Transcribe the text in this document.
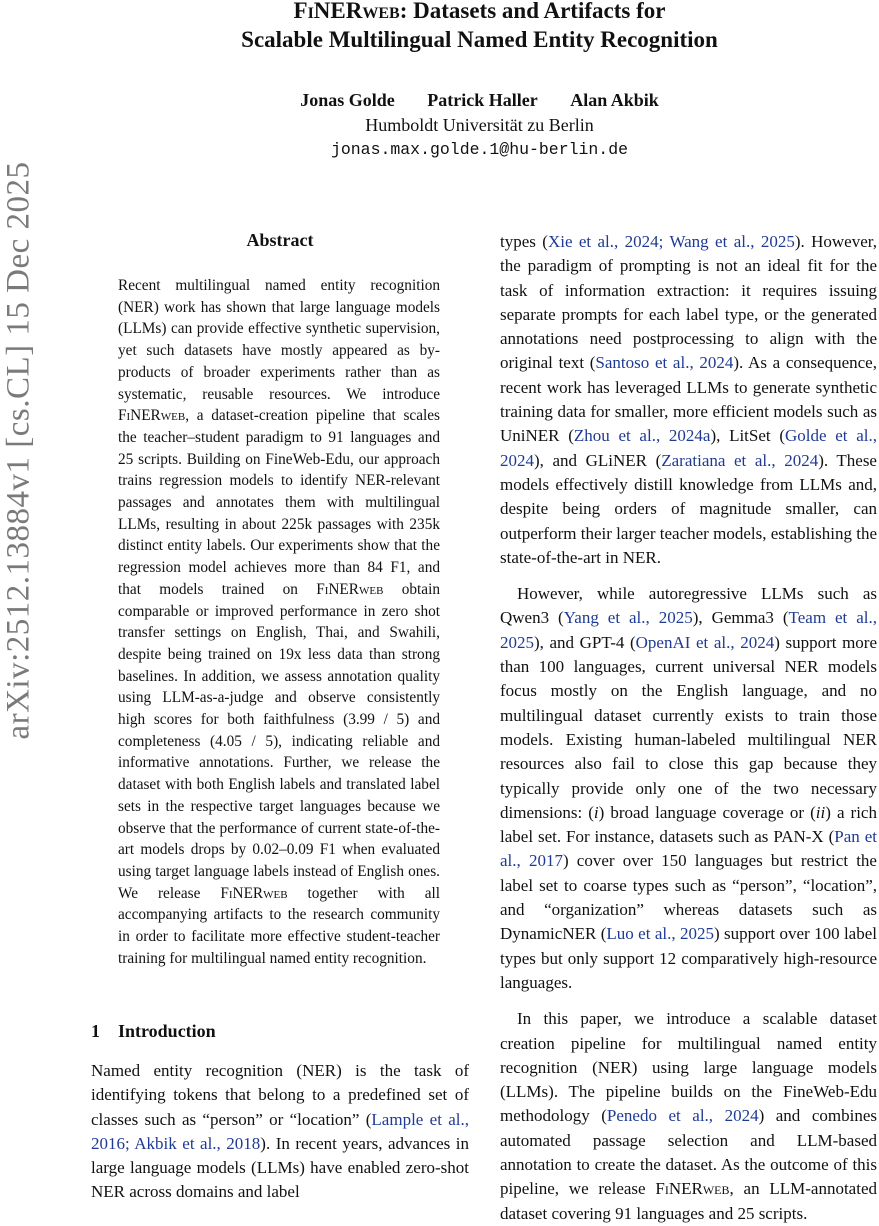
arXiv:2512.13884v1 [cs.CL] 15 Dec 2025
FiNERweb: Datasets and Artifacts for
Scalable Multilingual Named Entity Recognition
Jonas Golde Patrick Haller Alan Akbik
Humboldt Universität zu Berlin
jonas.max.golde.1@hu-berlin.de
Abstract
Recent multilingual named entity recognition (NER) work has shown that large language models (LLMs) can provide effective synthetic supervision, yet such datasets have mostly appeared as by-products of broader experiments rather than as systematic, reusable resources. We introduce FiNERweb, a dataset-creation pipeline that scales the teacher–student paradigm to 91 languages and 25 scripts. Building on FineWeb-Edu, our approach trains regression models to identify NER-relevant passages and annotates them with multilingual LLMs, resulting in about 225k passages with 235k distinct entity labels. Our experiments show that the regression model achieves more than 84 F1, and that models trained on FiNERweb obtain comparable or improved performance in zero shot transfer settings on English, Thai, and Swahili, despite being trained on 19x less data than strong baselines. In addition, we assess annotation quality using LLM-as-a-judge and observe consistently high scores for both faithfulness (3.99 / 5) and completeness (4.05 / 5), indicating reliable and informative annotations. Further, we release the dataset with both English labels and translated label sets in the respective target languages because we observe that the performance of current state-of-the-art models drops by 0.02–0.09 F1 when evaluated using target language labels instead of English ones. We release FiNERweb together with all accompanying artifacts to the research community in order to facilitate more effective student-teacher training for multilingual named entity recognition.
1 Introduction

Named entity recognition (NER) is the task of identifying tokens that belong to a predefined set of classes such as “person” or “location” (Lample et al., 2016; Akbik et al., 2018). In recent years, advances in large language models (LLMs) have enabled zero-shot NER across domains and label

types (Xie et al., 2024; Wang et al., 2025). However, the paradigm of prompting is not an ideal fit for the task of information extraction: it requires issuing separate prompts for each label type, or the generated annotations need postprocessing to align with the original text (Santoso et al., 2024). As a consequence, recent work has leveraged LLMs to generate synthetic training data for smaller, more efficient models such as UniNER (Zhou et al., 2024a), LitSet (Golde et al., 2024), and GLiNER (Zaratiana et al., 2024). These models effectively distill knowledge from LLMs and, despite being orders of magnitude smaller, can outperform their larger teacher models, establishing the state-of-the-art in NER.

However, while autoregressive LLMs such as Qwen3 (Yang et al., 2025), Gemma3 (Team et al., 2025), and GPT-4 (OpenAI et al., 2024) support more than 100 languages, current universal NER models focus mostly on the English language, and no multilingual dataset currently exists to train those models. Existing human-labeled multilingual NER resources also fail to close this gap because they typically provide only one of the two necessary dimensions: (i) broad language coverage or (ii) a rich label set. For instance, datasets such as PAN-X (Pan et al., 2017) cover over 150 languages but restrict the label set to coarse types such as “person”, “location”, and “organization” whereas datasets such as DynamicNER (Luo et al., 2025) support over 100 label types but only support 12 comparatively high-resource languages.

In this paper, we introduce a scalable dataset creation pipeline for multilingual named entity recognition (NER) using large language models (LLMs). The pipeline builds on the FineWeb-Edu methodology (Penedo et al., 2024) and combines automated passage selection and LLM-based annotation to create the dataset. As the outcome of this pipeline, we release FiNERweb, an LLM-annotated dataset covering 91 languages and 25 scripts.
